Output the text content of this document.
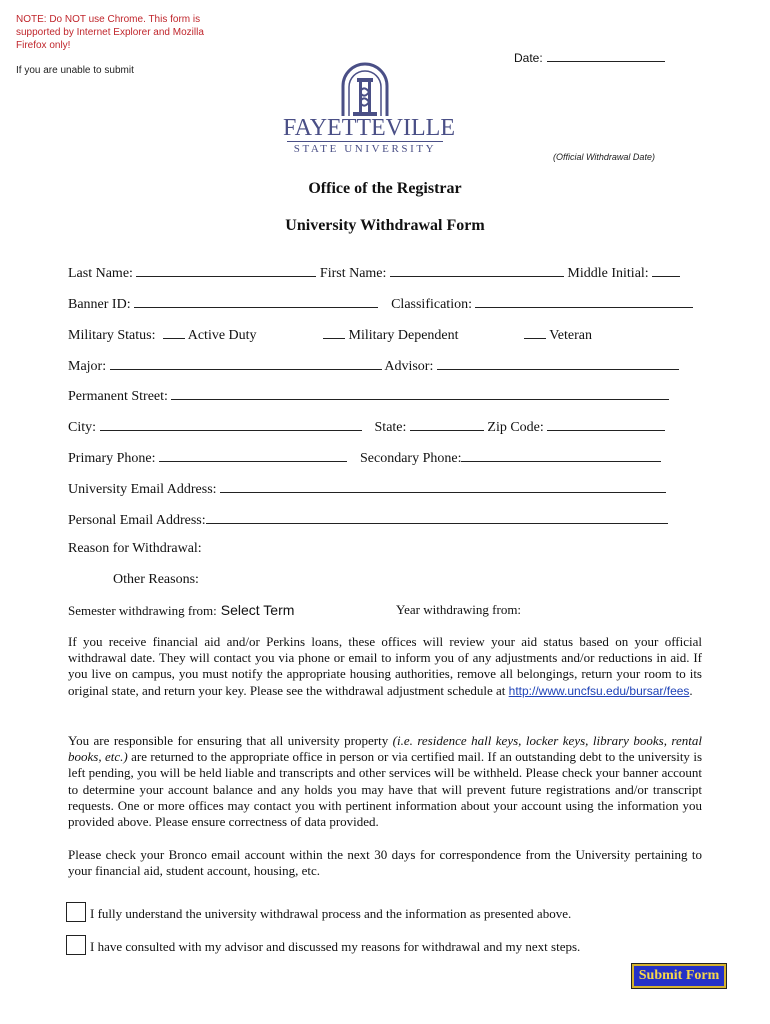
NOTE: Do NOT use Chrome. This form is supported by Internet Explorer and Mozilla Firefox only!
If you are unable to submit
Date:
(Official Withdrawal Date)
FAYETTEVILLE
STATE UNIVERSITY
Office of the Registrar
University Withdrawal Form
Last Name:	First Name:	Middle Initial:
Banner ID:	Classification:
Military Status: Active Duty	Military Dependent	Veteran
Major:	Advisor:
Permanent Street:
City:	State:	Zip Code:
Primary Phone:	Secondary Phone:
University Email Address:
Personal Email Address:
Reason for Withdrawal:
Other Reasons:
Semester withdrawing from: Select Term	Year withdrawing from:
If you receive financial aid and/or Perkins loans, these offices will review your aid status based on your official withdrawal date. They will contact you via phone or email to inform you of any adjustments and/or reductions in aid. If you live on campus, you must notify the appropriate housing authorities, remove all belongings, return your room to its original state, and return your key. Please see the withdrawal adjustment schedule at http://www.uncfsu.edu/bursar/fees.
You are responsible for ensuring that all university property (i.e. residence hall keys, locker keys, library books, rental books, etc.) are returned to the appropriate office in person or via certified mail. If an outstanding debt to the university is left pending, you will be held liable and transcripts and other services will be withheld. Please check your banner account to determine your account balance and any holds you may have that will prevent future registrations and/or transcript requests. One or more offices may contact you with pertinent information about your account using the information you provided above. Please ensure correctness of data provided.
Please check your Bronco email account within the next 30 days for correspondence from the University pertaining to your financial aid, student account, housing, etc.
I fully understand the university withdrawal process and the information as presented above.
I have consulted with my advisor and discussed my reasons for withdrawal and my next steps.
Submit Form
